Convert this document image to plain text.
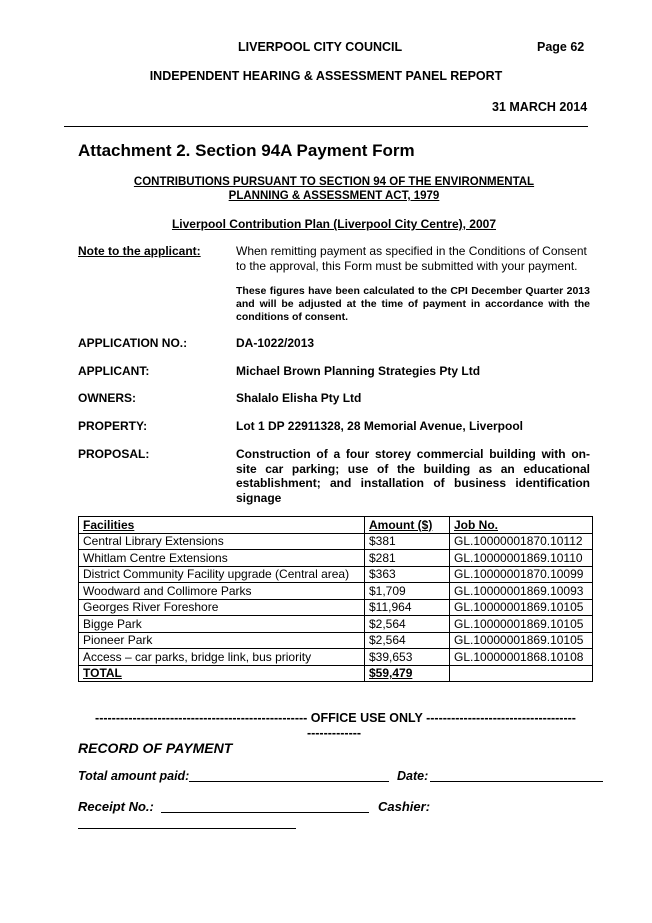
LIVERPOOL CITY COUNCIL	Page 62
INDEPENDENT HEARING & ASSESSMENT PANEL REPORT
31 MARCH 2014
Attachment 2. Section 94A Payment Form
CONTRIBUTIONS PURSUANT TO SECTION 94 OF THE ENVIRONMENTAL
PLANNING & ASSESSMENT ACT, 1979
Liverpool Contribution Plan (Liverpool City Centre), 2007
Note to the applicant:	When remitting payment as specified in the Conditions of Consent to the approval, this Form must be submitted with your payment.
These figures have been calculated to the CPI December Quarter 2013 and will be adjusted at the time of payment in accordance with the conditions of consent.
APPLICATION NO.:	DA-1022/2013
APPLICANT:	Michael Brown Planning Strategies Pty Ltd
OWNERS:	Shalalo Elisha Pty Ltd
PROPERTY:	Lot 1 DP 22911328, 28 Memorial Avenue, Liverpool
PROPOSAL:	Construction of a four storey commercial building with on-site car parking; use of the building as an educational establishment; and installation of business identification signage
Facilities	Amount ($)	Job No.
Central Library Extensions	$381	GL.10000001870.10112
Whitlam Centre Extensions	$281	GL.10000001869.10110
District Community Facility upgrade (Central area)	$363	GL.10000001870.10099
Woodward and Collimore Parks	$1,709	GL.10000001869.10093
Georges River Foreshore	$11,964	GL.10000001869.10105
Bigge Park	$2,564	GL.10000001869.10105
Pioneer Park	$2,564	GL.10000001869.10105
Access – car parks, bridge link, bus priority	$39,653	GL.10000001868.10108
TOTAL	$59,479	
--------------------------------------------------- OFFICE USE ONLY ------------------------------------
-------------
RECORD OF PAYMENT
Total amount paid:	Date:
Receipt No.:	Cashier:
